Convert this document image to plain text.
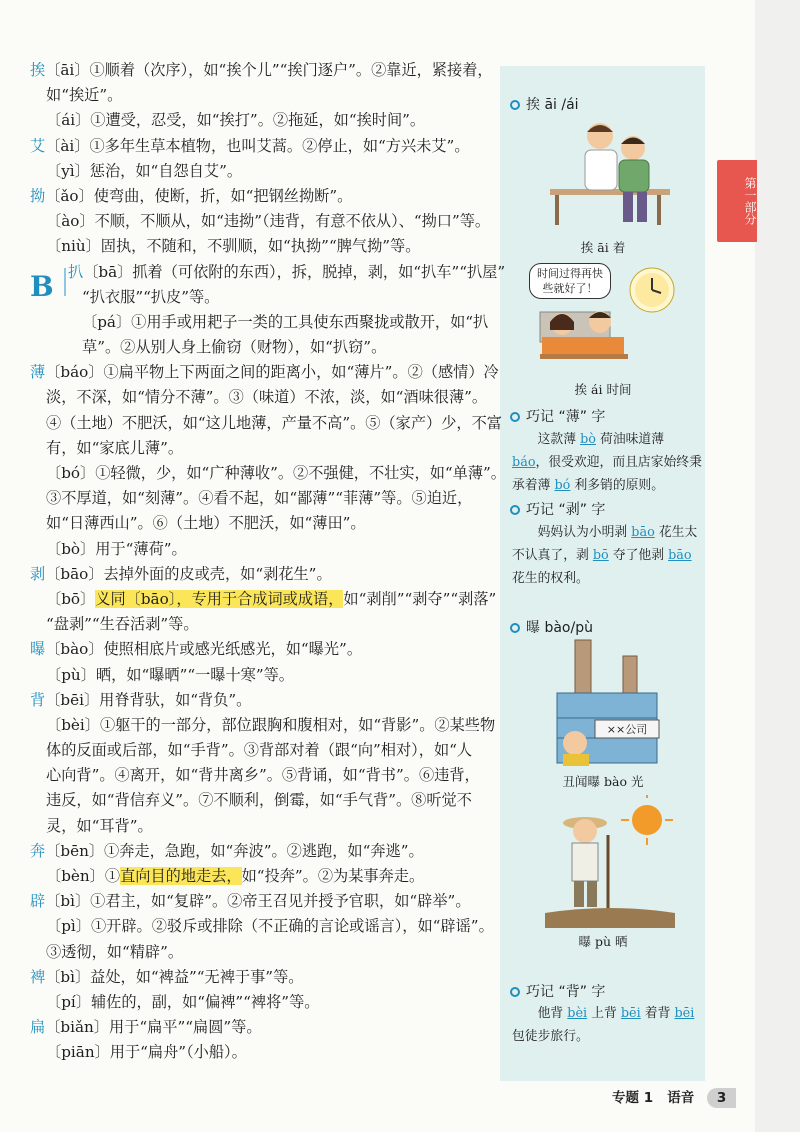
B
挨〔āi〕①顺着（次序），如“挨个儿”“挨门逐户”。②靠近，紧接着，
如“挨近”。
〔ái〕①遭受，忍受，如“挨打”。②拖延，如“挨时间”。
艾〔ài〕①多年生草本植物，也叫艾蒿。②停止，如“方兴未艾”。
〔yì〕惩治，如“自怨自艾”。
拗〔ǎo〕使弯曲，使断，折，如“把钢丝拗断”。
〔ào〕不顺，不顺从，如“违拗”（违背，有意不依从）、“拗口”等。
〔niù〕固执，不随和，不驯顺，如“执拗”“脾气拗”等。
扒〔bā〕抓着（可依附的东西），拆，脱掉，剥，如“扒车”“扒屋”
“扒衣服”“扒皮”等。
〔pá〕①用手或用耙子一类的工具使东西聚拢或散开，如“扒
草”。②从别人身上偷窃（财物），如“扒窃”。
薄〔báo〕①扁平物上下两面之间的距离小，如“薄片”。②（感情）冷
淡，不深，如“情分不薄”。③（味道）不浓，淡，如“酒味很薄”。
④（土地）不肥沃，如“这儿地薄，产量不高”。⑤（家产）少，不富
有，如“家底儿薄”。
〔bó〕①轻微，少，如“广种薄收”。②不强健，不壮实，如“单薄”。
③不厚道，如“刻薄”。④看不起，如“鄙薄”“菲薄”等。⑤迫近，
如“日薄西山”。⑥（土地）不肥沃，如“薄田”。
〔bò〕用于“薄荷”。
剥〔bāo〕去掉外面的皮或壳，如“剥花生”。
〔bō〕义同〔bāo〕，专用于合成词或成语，如“剥削”“剥夺”“剥落”
“盘剥”“生吞活剥”等。
曝〔bào〕使照相底片或感光纸感光，如“曝光”。
〔pù〕晒，如“曝晒”“一曝十寒”等。
背〔bēi〕用脊背驮，如“背负”。
〔bèi〕①躯干的一部分，部位跟胸和腹相对，如“背影”。②某些物
体的反面或后部，如“手背”。③背部对着（跟“向”相对），如“人
心向背”。④离开，如“背井离乡”。⑤背诵，如“背书”。⑥违背，
违反，如“背信弃义”。⑦不顺利，倒霉，如“手气背”。⑧听觉不
灵，如“耳背”。
奔〔bēn〕①奔走，急跑，如“奔波”。②逃跑，如“奔逃”。
〔bèn〕①直向目的地走去，如“投奔”。②为某事奔走。
辟〔bì〕①君主，如“复辟”。②帝王召见并授予官职，如“辟举”。
〔pì〕①开辟。②驳斥或排除（不正确的言论或谣言），如“辟谣”。
③透彻，如“精辟”。
裨〔bì〕益处，如“裨益”“无裨于事”等。
〔pí〕辅佐的，副，如“偏裨”“裨将”等。
扁〔biǎn〕用于“扁平”“扁圆”等。
〔piān〕用于“扁舟”（小船）。
挨 āi /ái
挨 āi 着
时间过得再快些就好了！
挨 ái 时间
巧记 “薄” 字
这款薄 bò 荷油味道薄 báo，很受欢迎，而且店家始终秉承着薄 bó 利多销的原则。
巧记 “剥” 字
妈妈认为小明剥 bāo 花生太不认真了，剥 bō 夺了他剥 bāo 花生的权利。
曝 bào/pù
××公司
丑闻曝 bào 光
曝 pù 晒
巧记 “背” 字
他背 bèi 上背 bēi 着背 bēi 包徒步旅行。
第一部分
专题 1 语音 3
